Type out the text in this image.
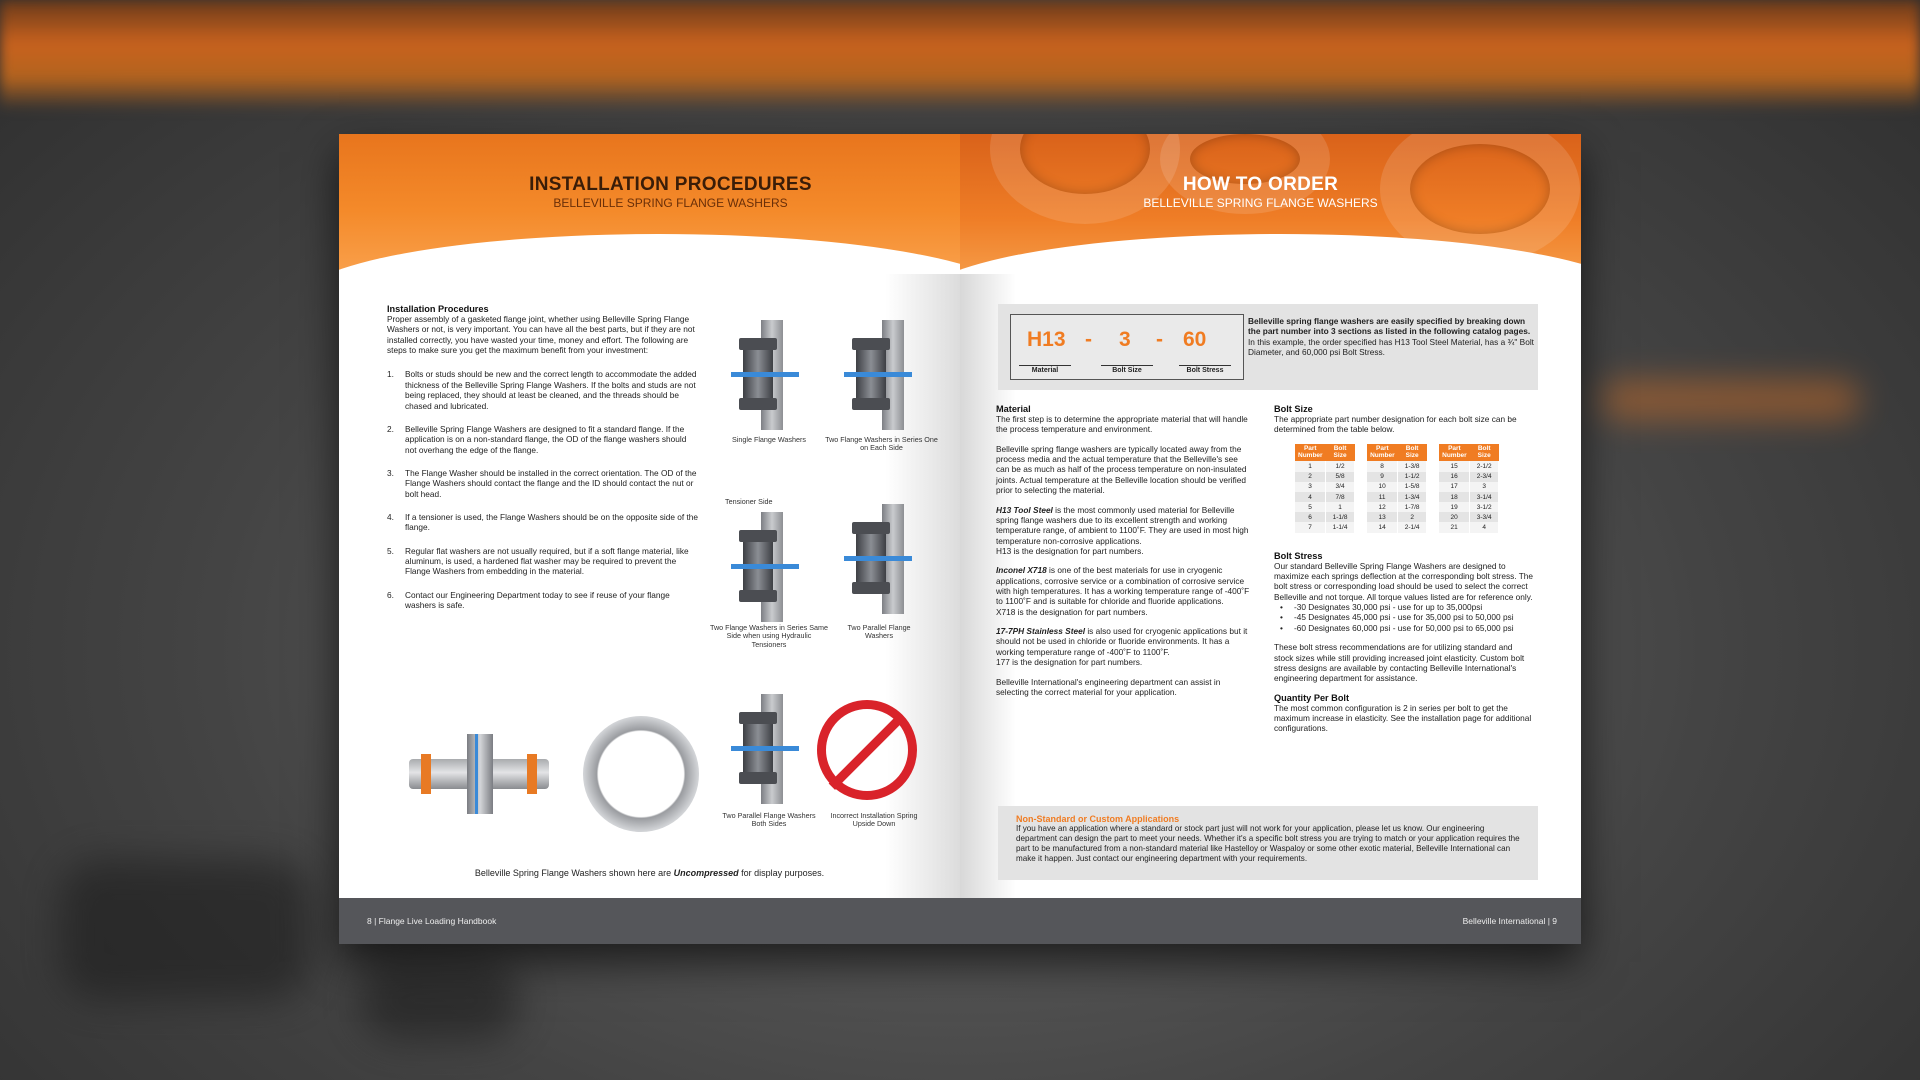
INSTALLATION PROCEDURES
BELLEVILLE SPRING FLANGE WASHERS
Installation Procedures
Proper assembly of a gasketed flange joint, whether using Belleville Spring Flange Washers or not, is very important. You can have all the best parts, but if they are not installed correctly, you have wasted your time, money and effort. The following are steps to make sure you get the maximum benefit from your investment:
1. Bolts or studs should be new and the correct length to accommodate the added thickness of the Belleville Spring Flange Washers. If the bolts and studs are not being replaced, they should at least be cleaned, and the threads should be chased and lubricated.
2. Belleville Spring Flange Washers are designed to fit a standard flange. If the application is on a non-standard flange, the OD of the flange washers should not overhang the edge of the flange.
3. The Flange Washer should be installed in the correct orientation. The OD of the Flange Washers should contact the flange and the ID should contact the nut or bolt head.
4. If a tensioner is used, the Flange Washers should be on the opposite side of the flange.
5. Regular flat washers are not usually required, but if a soft flange material, like aluminum, is used, a hardened flat washer may be required to prevent the Flange Washers from embedding in the material.
6. Contact our Engineering Department today to see if reuse of your flange washers is safe.
Single Flange Washers	Two Flange Washers in Series One on Each Side
Tensioner Side
Two Flange Washers in Series Same Side when using Hydraulic Tensioners
Two Parallel Flange Washers
Two Parallel Flange Washers Both Sides
Incorrect Installation Spring Upside Down
Belleville Spring Flange Washers shown here are Uncompressed for display purposes.
8 | Flange Live Loading Handbook
HOW TO ORDER
BELLEVILLE SPRING FLANGE WASHERS
H13 - 3 - 60
Material	Bolt Size	Bolt Stress
Belleville spring flange washers are easily specified by breaking down the part number into 3 sections as listed in the following catalog pages.
In this example, the order specified has H13 Tool Steel Material, has a ¾" Bolt Diameter, and 60,000 psi Bolt Stress.
Material
The first step is to determine the appropriate material that will handle the process temperature and environment.
Belleville spring flange washers are typically located away from the process media and the actual temperature that the Belleville's see can be as much as half of the process temperature on non-insulated joints. Actual temperature at the Belleville location should be verified prior to selecting the material.
H13 Tool Steel is the most commonly used material for Belleville spring flange washers due to its excellent strength and working temperature range, of ambient to 1100˚F. They are used in most high temperature non-corrosive applications.
H13 is the designation for part numbers.
Inconel X718 is one of the best materials for use in cryogenic applications, corrosive service or a combination of corrosive service with high temperatures. It has a working temperature range of -400˚F to 1100˚F and is suitable for chloride and fluoride applications.
X718 is the designation for part numbers.
17-7PH Stainless Steel is also used for cryogenic applications but it should not be used in chloride or fluoride environments. It has a working temperature range of -400˚F to 1100˚F.
177 is the designation for part numbers.
Belleville International's engineering department can assist in selecting the correct material for your application.
Bolt Size
The appropriate part number designation for each bolt size can be determined from the table below.
Part Number	Bolt Size
1	1/2
2	5/8
3	3/4
4	7/8
5	1
6	1-1/8
7	1-1/4
Part Number	Bolt Size
8	1-3/8
9	1-1/2
10	1-5/8
11	1-3/4
12	1-7/8
13	2
14	2-1/4
Part Number	Bolt Size
15	2-1/2
16	2-3/4
17	3
18	3-1/4
19	3-1/2
20	3-3/4
21	4
Bolt Stress
Our standard Belleville Spring Flange Washers are designed to maximize each springs deflection at the corresponding bolt stress. The bolt stress or corresponding load should be used to select the correct Belleville and not torque. All torque values listed are for reference only.
• -30 Designates 30,000 psi - use for up to 35,000psi
• -45 Designates 45,000 psi - use for 35,000 psi to 50,000 psi
• -60 Designates 60,000 psi - use for 50,000 psi to 65,000 psi
These bolt stress recommendations are for utilizing standard and stock sizes while still providing increased joint elasticity. Custom bolt stress designs are available by contacting Belleville International's engineering department for assistance.
Quantity Per Bolt
The most common configuration is 2 in series per bolt to get the maximum increase in elasticity. See the installation page for additional configurations.
Non-Standard or Custom Applications
If you have an application where a standard or stock part just will not work for your application, please let us know. Our engineering department can design the part to meet your needs. Whether it's a specific bolt stress you are trying to match or your application requires the part to be manufactured from a non-standard material like Hastelloy or Waspaloy or some other exotic material, Belleville International can make it happen. Just contact our engineering department with your requirements.
Belleville International | 9
